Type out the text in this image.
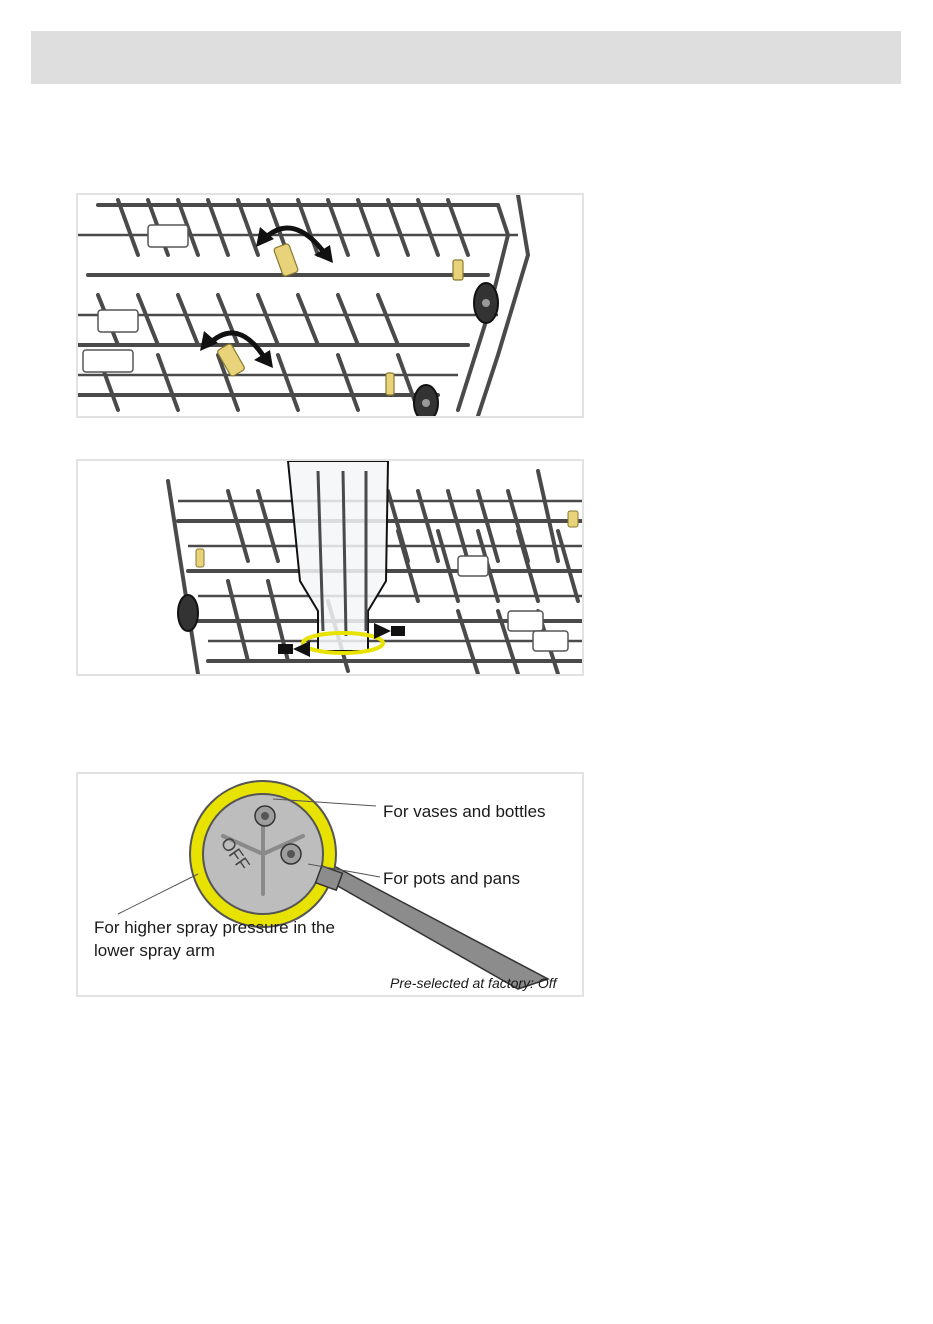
OFF
For vases and bottles
For pots and pans
For higher spray pressure in the
lower spray arm
Pre-selected at factory: Off
